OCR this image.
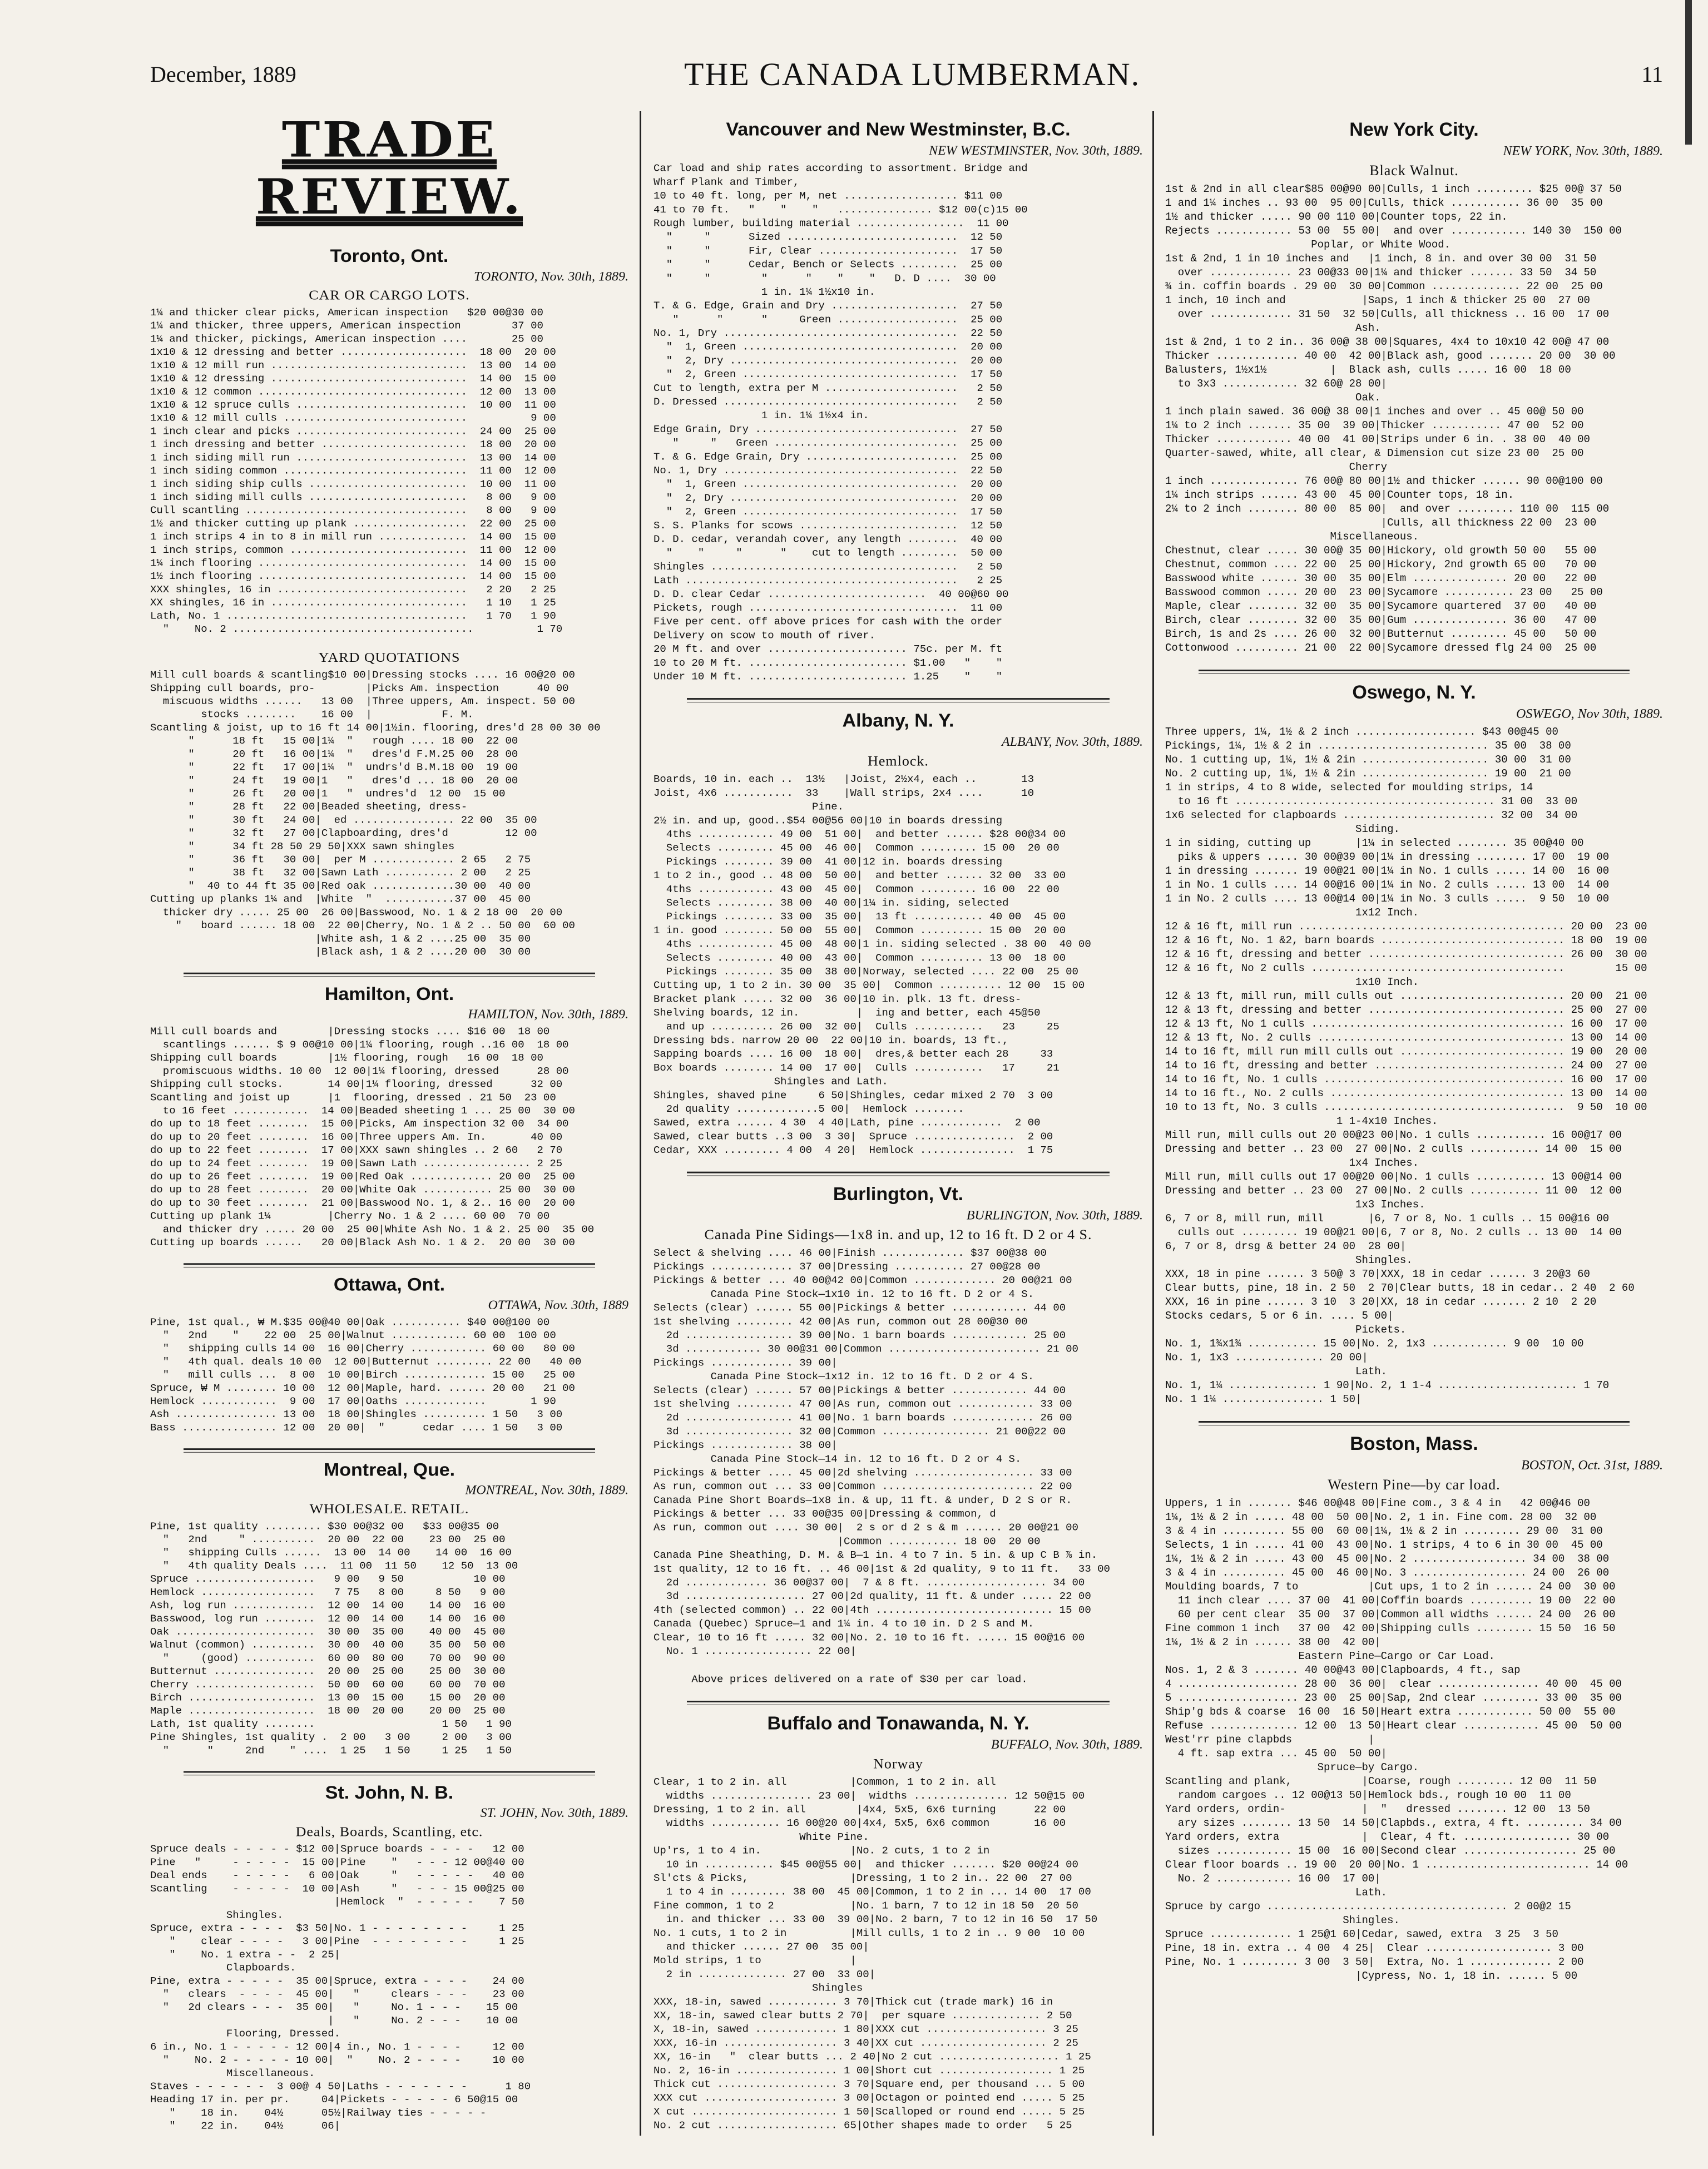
December, 1889	THE CANADA LUMBERMAN.	11
TRADE REVIEW.
Toronto, Ont.
TORONTO, Nov. 30th, 1889.
CAR OR CARGO LOTS.
1¼ and thicker clear picks, American inspection   $20 00@30 00
1¼ and thicker, three uppers, American inspection        37 00
1¼ and thicker, pickings, American inspection ....       25 00
1x10 & 12 dressing and better ....................  18 00  20 00
1x10 & 12 mill run ...............................  13 00  14 00
1x10 & 12 dressing ...............................  14 00  15 00
1x10 & 12 common .................................  12 00  13 00
1x10 & 12 spruce culls ...........................  10 00  11 00
1x10 & 12 mill culls .............................          9 00
1 inch clear and picks ...........................  24 00  25 00
1 inch dressing and better .......................  18 00  20 00
1 inch siding mill run ...........................  13 00  14 00
1 inch siding common .............................  11 00  12 00
1 inch siding ship culls .........................  10 00  11 00
1 inch siding mill culls .........................   8 00   9 00
Cull scantling ...................................   8 00   9 00
1½ and thicker cutting up plank ..................  22 00  25 00
1 inch strips 4 in to 8 in mill run ..............  14 00  15 00
1 inch strips, common ............................  11 00  12 00
1¼ inch flooring .................................  14 00  15 00
1½ inch flooring .................................  14 00  15 00
XXX shingles, 16 in ..............................   2 20   2 25
XX shingles, 16 in ...............................   1 10   1 25
Lath, No. 1 ......................................   1 70   1 90
"    No. 2 ......................................          1 70
YARD QUOTATIONS
Mill cull boards & scantling$10 00|Dressing stocks .... 16 00@20 00
Shipping cull boards, pro-        |Picks Am. inspection      40 00
miscuous widths ......   13 00  |Three uppers, Am. inspect. 50 00
stocks ........    16 00  |           F. M.
Scantling & joist, up to 16 ft 14 00|1½in. flooring, dres'd 28 00 30 00
"      18 ft   15 00|1¼  "   rough .... 18 00  22 00
"      20 ft   16 00|1¼  "   dres'd F.M.25 00  28 00
"      22 ft   17 00|1¼  "  undrs'd B.M.18 00  19 00
"      24 ft   19 00|1   "   dres'd ... 18 00  20 00
"      26 ft   20 00|1   "  undres'd  12 00  15 00
"      28 ft   22 00|Beaded sheeting, dress-
"      30 ft   24 00|  ed ................ 22 00  35 00
"      32 ft   27 00|Clapboarding, dres'd         12 00
"      34 ft 28 50 29 50|XXX sawn shingles
"      36 ft   30 00|  per M ............. 2 65   2 75
"      38 ft   32 00|Sawn Lath ........... 2 00   2 25
"  40 to 44 ft 35 00|Red oak .............30 00  40 00
Cutting up planks 1¼ and  |White  "  ...........37 00  45 00
thicker dry ..... 25 00  26 00|Basswood, No. 1 & 2 18 00  20 00
"   board ...... 18 00  22 00|Cherry, No. 1 & 2 .. 50 00  60 00
|White ash, 1 & 2 ....25 00  35 00
|Black ash, 1 & 2 ....20 00  30 00
Hamilton, Ont.
HAMILTON, Nov. 30th, 1889.
Mill cull boards and        |Dressing stocks .... $16 00  18 00
scantlings ...... $ 9 00@10 00|1¼ flooring, rough ..16 00  18 00
Shipping cull boards        |1½ flooring, rough   16 00  18 00
promiscuous widths. 10 00  12 00|1¼ flooring, dressed      28 00
Shipping cull stocks.       14 00|1¼ flooring, dressed      32 00
Scantling and joist up      |1  flooring, dressed . 21 50  23 00
to 16 feet ............  14 00|Beaded sheeting 1 ... 25 00  30 00
do up to 18 feet ........  15 00|Picks, Am inspection 32 00  34 00
do up to 20 feet ........  16 00|Three uppers Am. In.       40 00
do up to 22 feet ........  17 00|XXX sawn shingles .. 2 60   2 70
do up to 24 feet ........  19 00|Sawn Lath ................. 2 25
do up to 26 feet ........  19 00|Red Oak ............. 20 00  25 00
do up to 28 feet ........  20 00|White Oak ........... 25 00  30 00
do up to 30 feet ........  21 00|Basswood No. 1, & 2.. 16 00  20 00
Cutting up plank 1¼         |Cherry No. 1 & 2 .... 60 00  70 00
and thicker dry ..... 20 00  25 00|White Ash No. 1 & 2. 25 00  35 00
Cutting up boards ......   20 00|Black Ash No. 1 & 2.  20 00  30 00
Ottawa, Ont.
OTTAWA, Nov. 30th, 1889
Pine, 1st qual., ₩ M.$35 00@40 00|Oak ........... $40 00@100 00
"   2nd    "    22 00  25 00|Walnut ............ 60 00  100 00
"   shipping culls 14 00  16 00|Cherry ............ 60 00   80 00
"   4th qual. deals 10 00  12 00|Butternut ......... 22 00   40 00
"   mill culls ...  8 00  10 00|Birch ............. 15 00   25 00
Spruce, ₩ M ........ 10 00  12 00|Maple, hard. ...... 20 00   21 00
Hemlock ............  9 00  17 00|Oaths .............       1 90
Ash ................ 13 00  18 00|Shingles .......... 1 50   3 00
Bass ............... 12 00  20 00|  "      cedar .... 1 50   3 00
Montreal, Que.
MONTREAL, Nov. 30th, 1889.
WHOLESALE. RETAIL.
Pine, 1st quality ......... $30 00@32 00   $33 00@35 00
"   2nd     " ..........  20 00  22 00    23 00  25 00
"   shipping Culls ......  13 00  14 00    14 00  16 00
"   4th quality Deals ....  11 00  11 50    12 50  13 00
Spruce ...................   9 00   9 50           10 00
Hemlock ..................   7 75   8 00     8 50   9 00
Ash, log run .............  12 00  14 00    14 00  16 00
Basswood, log run ........  12 00  14 00    14 00  16 00
Oak ......................  30 00  35 00    40 00  45 00
Walnut (common) ..........  30 00  40 00    35 00  50 00
"     (good) ...........  60 00  80 00    70 00  90 00
Butternut ................  20 00  25 00    25 00  30 00
Cherry ...................  50 00  60 00    60 00  70 00
Birch ....................  13 00  15 00    15 00  20 00
Maple ....................  18 00  20 00    20 00  25 00
Lath, 1st quality ........                    1 50   1 90
Pine Shingles, 1st quality .  2 00   3 00     2 00   3 00
"      "     2nd    " ....  1 25   1 50     1 25   1 50
St. John, N. B.
ST. JOHN, Nov. 30th, 1889.
Deals, Boards, Scantling, etc.
Spruce deals - - - - - $12 00|Spruce boards - - - -   12 00
Pine   "     - - - - -  15 00|Pine    "   - - - 12 00@40 00
Deal ends    - - - - -   6 00|Oak     "   - - - - -   40 00
Scantling    - - - - -  10 00|Ash     "   - - - 15 00@25 00
|Hemlock  "  - - - - -    7 50
Shingles.
Spruce, extra - - - -  $3 50|No. 1 - - - - - - - -     1 25
"    clear - - - -   3 00|Pine  - - - - - - - -     1 25
"    No. 1 extra - -  2 25|
Clapboards.
Pine, extra - - - - -  35 00|Spruce, extra - - - -    24 00
"   clears  - - - -  45 00|   "     clears - - -    23 00
"   2d clears - - -  35 00|   "     No. 1 - - -    15 00
|   "     No. 2 - - -    10 00
Flooring, Dressed.
6 in., No. 1 - - - - - 12 00|4 in., No. 1 - - - -     12 00
"    No. 2 - - - - - 10 00|  "    No. 2 - - - -     10 00
Miscellaneous.
Staves - - - - - -  3 00@ 4 50|Laths - - - - - - -      1 80
Heading 17 in. per pr.     04|Pickets - - - - - 6 50@15 00
"    18 in.    04½      05½|Railway ties - - - - -
"    22 in.    04½      06|
Vancouver and New Westminster, B.C.
NEW WESTMINSTER, Nov. 30th, 1889.
Car load and ship rates according to assortment. Bridge and
Wharf Plank and Timber,
10 to 40 ft. long, per M, net .................. $11 00
41 to 70 ft.   "    "    "   ............... $12 00(c)15 00
Rough lumber, building material .................  11 00
"     "      Sized ...........................  12 50
"     "      Fir, Clear ......................  17 50
"     "      Cedar, Bench or Selects .........  25 00
"     "        "      "    "    "   D. D ....  30 00
1 in. 1¼ 1½x10 in.
T. & G. Edge, Grain and Dry ....................  27 50
"      "      "     Green ...................  25 00
No. 1, Dry .....................................  22 50
"  1, Green ..................................  20 00
"  2, Dry ....................................  20 00
"  2, Green ..................................  17 50
Cut to length, extra per M .....................   2 50
D. Dressed .....................................   2 50
1 in. 1¼ 1½x4 in.
Edge Grain, Dry ................................  27 50
"     "   Green .............................  25 00
T. & G. Edge Grain, Dry ........................  25 00
No. 1, Dry .....................................  22 50
"  1, Green ..................................  20 00
"  2, Dry ....................................  20 00
"  2, Green ..................................  17 50
S. S. Planks for scows .........................  12 50
D. D. cedar, verandah cover, any length ........  40 00
"    "     "      "    cut to length .........  50 00
Shingles .......................................   2 50
Lath ...........................................   2 25
D. D. clear Cedar .........................  40 00@60 00
Pickets, rough .................................  11 00
Five per cent. off above prices for cash with the order
Delivery on scow to mouth of river.
20 M ft. and over ...................... 75c. per M. ft
10 to 20 M ft. ......................... $1.00   "    "
Under 10 M ft. ......................... 1.25    "    "
Albany, N. Y.
ALBANY, Nov. 30th, 1889.
Hemlock.
Boards, 10 in. each ..  13½   |Joist, 2½x4, each ..       13
Joist, 4x6 ...........  33    |Wall strips, 2x4 ....      10
Pine.
2½ in. and up, good..$54 00@56 00|10 in boards dressing
4ths ............ 49 00  51 00|  and better ...... $28 00@34 00
Selects ......... 45 00  46 00|  Common ......... 15 00  20 00
Pickings ........ 39 00  41 00|12 in. boards dressing
1 to 2 in., good .. 48 00  50 00|  and better ...... 32 00  33 00
4ths ............ 43 00  45 00|  Common ......... 16 00  22 00
Selects ......... 38 00  40 00|1¼ in. siding, selected
Pickings ........ 33 00  35 00|  13 ft ........... 40 00  45 00
1 in. good ........ 50 00  55 00|  Common .......... 15 00  20 00
4ths ............ 45 00  48 00|1 in. siding selected . 38 00  40 00
Selects ......... 40 00  43 00|  Common .......... 13 00  18 00
Pickings ........ 35 00  38 00|Norway, selected .... 22 00  25 00
Cutting up, 1 to 2 in. 30 00  35 00|  Common .......... 12 00  15 00
Bracket plank ..... 32 00  36 00|10 in. plk. 13 ft. dress-
Shelving boards, 12 in.         |  ing and better, each 45@50
and up .......... 26 00  32 00|  Culls ...........   23     25
Dressing bds. narrow 20 00  22 00|10 in. boards, 13 ft.,
Sapping boards .... 16 00  18 00|  dres,& better each 28     33
Box boards ........ 14 00  17 00|  Culls ...........   17     21
Shingles and Lath.
Shingles, shaved pine     6 50|Shingles, cedar mixed 2 70  3 00
2d quality .............5 00|  Hemlock ........
Sawed, extra ...... 4 30  4 40|Lath, pine .............  2 00
Sawed, clear butts ..3 00  3 30|  Spruce ................  2 00
Cedar, XXX ......... 4 00  4 20|  Hemlock ...............  1 75
Burlington, Vt.
BURLINGTON, Nov. 30th, 1889.
Canada Pine Sidings—1x8 in. and up, 12 to 16 ft. D 2 or 4 S.
Select & shelving .... 46 00|Finish ............. $37 00@38 00
Pickings ............. 37 00|Dressing ........... 27 00@28 00
Pickings & better ... 40 00@42 00|Common ............. 20 00@21 00
Canada Pine Stock—1x10 in. 12 to 16 ft. D 2 or 4 S.
Selects (clear) ...... 55 00|Pickings & better ............ 44 00
1st shelving ......... 42 00|As run, common out 28 00@30 00
2d ................. 39 00|No. 1 barn boards ............ 25 00
3d ............ 30 00@31 00|Common ........................ 21 00
Pickings ............. 39 00|
Canada Pine Stock—1x12 in. 12 to 16 ft. D 2 or 4 S.
Selects (clear) ...... 57 00|Pickings & better ............ 44 00
1st shelving ......... 47 00|As run, common out ............ 33 00
2d ................. 41 00|No. 1 barn boards ............. 26 00
3d ................. 32 00|Common ................. 21 00@22 00
Pickings ............. 38 00|
Canada Pine Stock—14 in. 12 to 16 ft. D 2 or 4 S.
Pickings & better .... 45 00|2d shelving ................... 33 00
As run, common out ... 33 00|Common ........................ 22 00
Canada Pine Short Boards—1x8 in. & up, 11 ft. & under, D 2 S or R.
Pickings & better ... 33 00@35 00|Dressing & common, d
As run, common out .... 30 00|  2 s or d 2 s & m ...... 20 00@21 00
|Common ........... 18 00  20 00
Canada Pine Sheathing, D. M. & B—1 in. 4 to 7 in. 5 in. & up C B ⅞ in.
1st quality, 12 to 16 ft. .. 46 00|1st & 2d quality, 9 to 11 ft.   33 00
2d ............. 36 00@37 00|  7 & 8 ft. ................... 34 00
3d ................... 27 00|2d quality, 11 ft. & under ..... 22 00
4th (selected common) .. 22 00|4th ............................ 15 00
Canada (Quebec) Spruce—1 and 1¼ in. 4 to 10 in. D 2 S and M.
Clear, 10 to 16 ft ..... 32 00|No. 2. 10 to 16 ft. ..... 15 00@16 00
No. 1 ................. 22 00|
Above prices delivered on a rate of $30 per car load.
Buffalo and Tonawanda, N. Y.
BUFFALO, Nov. 30th, 1889.
Norway
Clear, 1 to 2 in. all          |Common, 1 to 2 in. all
widths ................ 23 00|  widths ............... 12 50@15 00
Dressing, 1 to 2 in. all        |4x4, 5x5, 6x6 turning      22 00
widths ........... 16 00@20 00|4x4, 5x5, 6x6 common       16 00
White Pine.
Up'rs, 1 to 4 in.              |No. 2 cuts, 1 to 2 in
10 in ........... $45 00@55 00|  and thicker ....... $20 00@24 00
Sl'cts & Picks,                |Dressing, 1 to 2 in.. 22 00  27 00
1 to 4 in ......... 38 00  45 00|Common, 1 to 2 in ... 14 00  17 00
Fine common, 1 to 2            |No. 1 barn, 7 to 12 in 18 50  20 50
in. and thicker ... 33 00  39 00|No. 2 barn, 7 to 12 in 16 50  17 50
No. 1 cuts, 1 to 2 in          |Mill culls, 1 to 2 in .. 9 00  10 00
and thicker ...... 27 00  35 00|
Mold strips, 1 to              |
2 in .............. 27 00  33 00|
Shingles
XXX, 18-in, sawed ........... 3 70|Thick cut (trade mark) 16 in
XX, 18-in, sawed clear butts 2 70|  per square .............. 2 50
X, 18-in, sawed ............. 1 80|XXX cut ................... 3 25
XXX, 16-in .................. 3 40|XX cut .................... 2 25
XX, 16-in   "  clear butts ... 2 40|No 2 cut ................... 1 25
No. 2, 16-in ................ 1 00|Short cut .................. 1 25
Thick cut ................... 3 70|Square end, per thousand ... 5 00
XXX cut ..................... 3 00|Octagon or pointed end ..... 5 25
X cut ....................... 1 50|Scalloped or round end ..... 5 25
No. 2 cut ................... 65|Other shapes made to order   5 25
New York City.
NEW YORK, Nov. 30th, 1889.
Black Walnut.
1st & 2nd in all clear$85 00@90 00|Culls, 1 inch ......... $25 00@ 37 50
1 and 1¼ inches .. 93 00  95 00|Culls, thick ........... 36 00  35 00
1½ and thicker ..... 90 00 110 00|Counter tops, 22 in.
Rejects ............ 53 00  55 00|  and over ............ 140 30  150 00
Poplar, or White Wood.
1st & 2nd, 1 in 10 inches and   |1 inch, 8 in. and over 30 00  31 50
over ............. 23 00@33 00|1¼ and thicker ....... 33 50  34 50
¾ in. coffin boards . 29 00  30 00|Common .............. 22 00  25 00
1 inch, 10 inch and            |Saps, 1 inch & thicker 25 00  27 00
over ............. 31 50  32 50|Culls, all thickness .. 16 00  17 00
Ash.
1st & 2nd, 1 to 2 in.. 36 00@ 38 00|Squares, 4x4 to 10x10 42 00@ 47 00
Thicker ............. 40 00  42 00|Black ash, good ....... 20 00  30 00
Balusters, 1½x1½          |  Black ash, culls ..... 16 00  18 00
to 3x3 ............ 32 60@ 28 00|
Oak.
1 inch plain sawed. 36 00@ 38 00|1 inches and over .. 45 00@ 50 00
1¼ to 2 inch ....... 35 00  39 00|Thicker ........... 47 00  52 00
Thicker ............ 40 00  41 00|Strips under 6 in. . 38 00  40 00
Quarter-sawed, white, all clear, & Dimension cut size 23 00  25 00
Cherry
1 inch .............. 76 00@ 80 00|1½ and thicker ...... 90 00@100 00
1¼ inch strips ...... 43 00  45 00|Counter tops, 18 in.
2¼ to 2 inch ........ 80 00  85 00|  and over ......... 110 00  115 00
|Culls, all thickness 22 00  23 00
Miscellaneous.
Chestnut, clear ..... 30 00@ 35 00|Hickory, old growth 50 00   55 00
Chestnut, common .... 22 00  25 00|Hickory, 2nd growth 65 00   70 00
Basswood white ...... 30 00  35 00|Elm ............... 20 00   22 00
Basswood common ..... 20 00  23 00|Sycamore ........... 23 00   25 00
Maple, clear ........ 32 00  35 00|Sycamore quartered  37 00   40 00
Birch, clear ........ 32 00  35 00|Gum ............... 36 00   47 00
Birch, 1s and 2s .... 26 00  32 00|Butternut ......... 45 00   50 00
Cottonwood .......... 21 00  22 00|Sycamore dressed flg 24 00  25 00
Oswego, N. Y.
OSWEGO, Nov 30th, 1889.
Three uppers, 1¼, 1½ & 2 inch ................... $43 00@45 00
Pickings, 1¼, 1½ & 2 in ........................... 35 00  38 00
No. 1 cutting up, 1¼, 1½ & 2in .................... 30 00  31 00
No. 2 cutting up, 1¼, 1½ & 2in .................... 19 00  21 00
1 in strips, 4 to 8 wide, selected for moulding strips, 14
to 16 ft ......................................... 31 00  33 00
1x6 selected for clapboards ........................ 32 00  34 00
Siding.
1 in siding, cutting up       |1¼ in selected ........ 35 00@40 00
piks & uppers ..... 30 00@39 00|1¼ in dressing ........ 17 00  19 00
1 in dressing ....... 19 00@21 00|1¼ in No. 1 culls ..... 14 00  16 00
1 in No. 1 culls .... 14 00@16 00|1¼ in No. 2 culls ..... 13 00  14 00
1 in No. 2 culls .... 13 00@14 00|1¼ in No. 3 culls .....  9 50  10 00
1x12 Inch.
12 & 16 ft, mill run .......................................... 20 00  23 00
12 & 16 ft, No. 1 &2, barn boards ............................. 18 00  19 00
12 & 16 ft, dressing and better ............................... 26 00  30 00
12 & 16 ft, No 2 culls ........................................        15 00
1x10 Inch.
12 & 13 ft, mill run, mill culls out .......................... 20 00  21 00
12 & 13 ft, dressing and better ............................... 25 00  27 00
12 & 13 ft, No 1 culls ........................................ 16 00  17 00
12 & 13 ft, No. 2 culls ....................................... 13 00  14 00
14 to 16 ft, mill run mill culls out .......................... 19 00  20 00
14 to 16 ft, dressing and better .............................. 24 00  27 00
14 to 16 ft, No. 1 culls ...................................... 16 00  17 00
14 to 16 ft., No. 2 culls ..................................... 13 00  14 00
10 to 13 ft, No. 3 culls ......................................  9 50  10 00
1 1-4x10 Inches.
Mill run, mill culls out 20 00@23 00|No. 1 culls ........... 16 00@17 00
Dressing and better .. 23 00  27 00|No. 2 culls ........... 14 00  15 00
1x4 Inches.
Mill run, mill culls out 17 00@20 00|No. 1 culls ........... 13 00@14 00
Dressing and better .. 23 00  27 00|No. 2 culls ........... 11 00  12 00
1x3 Inches.
6, 7 or 8, mill run, mill       |6, 7 or 8, No. 1 culls .. 15 00@16 00
culls out ......... 19 00@21 00|6, 7 or 8, No. 2 culls .. 13 00  14 00
6, 7 or 8, drsg & better 24 00  28 00|
Shingles.
XXX, 18 in pine ...... 3 50@ 3 70|XXX, 18 in cedar ...... 3 20@3 60
Clear butts, pine, 18 in. 2 50  2 70|Clear butts, 18 in cedar.. 2 40  2 60
XXX, 16 in pine ...... 3 10  3 20|XX, 18 in cedar ....... 2 10  2 20
Stocks cedars, 5 or 6 in. .... 5 00|
Pickets.
No. 1, 1¾x1¾ ........... 15 00|No. 2, 1x3 ............ 9 00  10 00
No. 1, 1x3 .............. 20 00|
Lath.
No. 1, 1¼ .............. 1 90|No. 2, 1 1-4 ...................... 1 70
No. 1 1¼ ................ 1 50|
Boston, Mass.
BOSTON, Oct. 31st, 1889.
Western Pine—by car load.
Uppers, 1 in ....... $46 00@48 00|Fine com., 3 & 4 in   42 00@46 00
1¼, 1½ & 2 in ..... 48 00  50 00|No. 2, 1 in. Fine com. 28 00  32 00
3 & 4 in .......... 55 00  60 00|1¼, 1½ & 2 in ......... 29 00  31 00
Selects, 1 in ..... 41 00  43 00|No. 1 strips, 4 to 6 in 30 00  45 00
1¼, 1½ & 2 in ..... 43 00  45 00|No. 2 .................. 34 00  38 00
3 & 4 in .......... 45 00  46 00|No. 3 .................. 24 00  26 00
Moulding boards, 7 to           |Cut ups, 1 to 2 in ...... 24 00  30 00
11 inch clear .... 37 00  41 00|Coffin boards .......... 19 00  22 00
60 per cent clear  35 00  37 00|Common all widths ...... 24 00  26 00
Fine common 1 inch   37 00  42 00|Shipping culls ......... 15 50  16 50
1¼, 1½ & 2 in ...... 38 00  42 00|
Eastern Pine—Cargo or Car Load.
Nos. 1, 2 & 3 ....... 40 00@43 00|Clapboards, 4 ft., sap
4 ................... 28 00  36 00|  clear ................ 40 00  45 00
5 ................... 23 00  25 00|Sap, 2nd clear ......... 33 00  35 00
Ship'g bds & coarse  16 00  16 50|Heart extra ............ 50 00  55 00
Refuse .............. 12 00  13 50|Heart clear ............ 45 00  50 00
West'rr pine clapbds            |
4 ft. sap extra ... 45 00  50 00|
Spruce—by Cargo.
Scantling and plank,           |Coarse, rough ......... 12 00  11 50
random cargoes .. 12 00@13 50|Hemlock bds., rough 10 00  11 00
Yard orders, ordin-            |  "   dressed ........ 12 00  13 50
ary sizes ........ 13 50  14 50|Clapbds., extra, 4 ft. ......... 34 00
Yard orders, extra             |  Clear, 4 ft. ................. 30 00
sizes ............ 15 00  16 00|Second clear .................. 25 00
Clear floor boards .. 19 00  20 00|No. 1 .......................... 14 00
No. 2 ............ 16 00  17 00|
Lath.
Spruce by cargo ...................................... 2 00@2 15
Shingles.
Spruce ............. 1 25@1 60|Cedar, sawed, extra  3 25  3 50
Pine, 18 in. extra .. 4 00  4 25|  Clear .................... 3 00
Pine, No. 1 ......... 3 00  3 50|  Extra, No. 1 ............. 2 00
|Cypress, No. 1, 18 in. ...... 5 00
